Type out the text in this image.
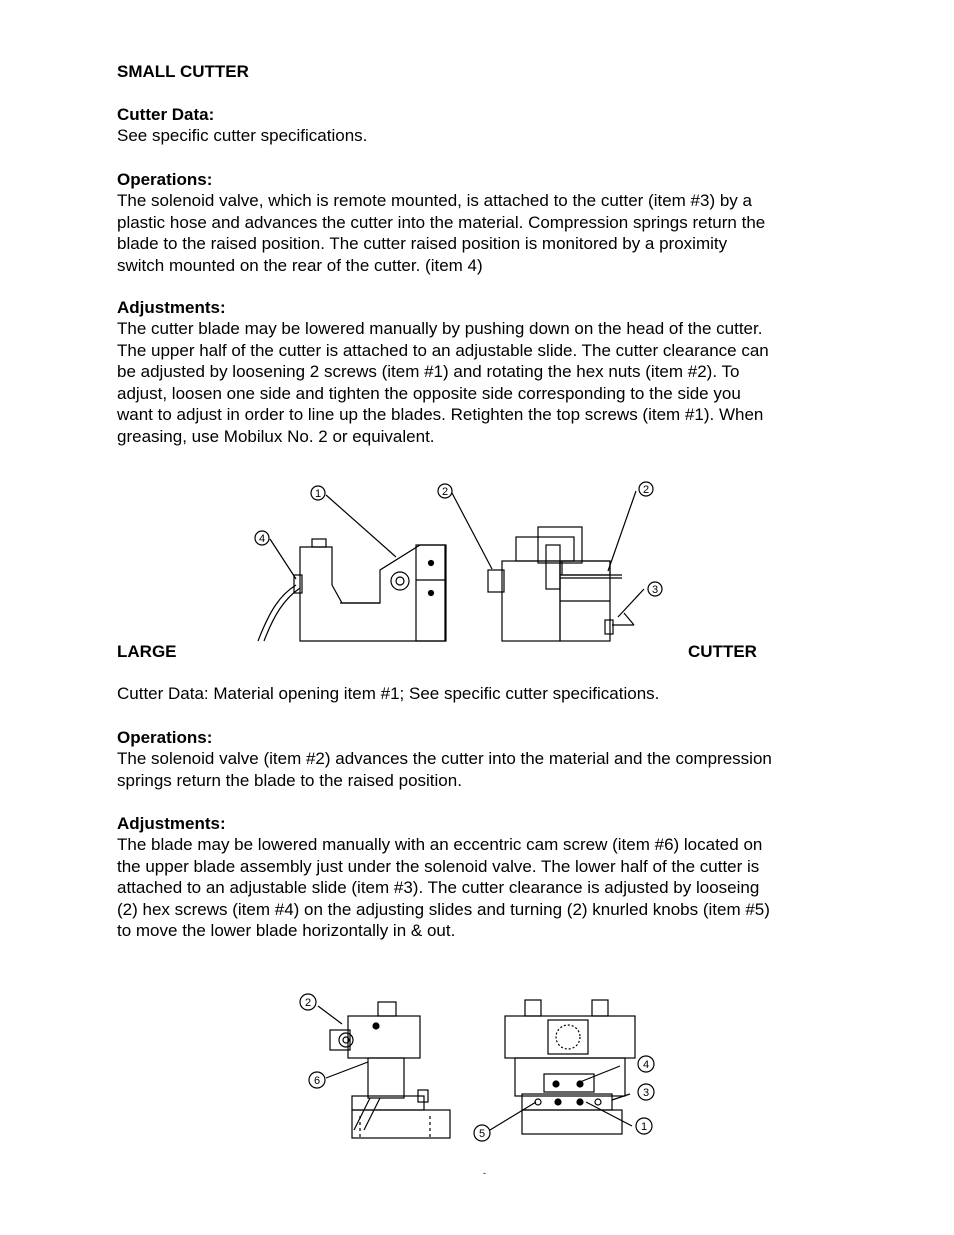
SMALL CUTTER

Cutter Data:

See specific cutter specifications.

Operations:

The solenoid valve, which is remote mounted, is attached to the cutter (item #3) by a

plastic hose and advances the cutter into the material. Compression springs return the

blade to the raised position. The cutter raised position is monitored by a proximity

switch mounted on the rear of the cutter. (item 4)

Adjustments:

The cutter blade may be lowered manually by pushing down on the head of the cutter.

The upper half of the cutter is attached to an adjustable slide. The cutter clearance can

be adjusted by loosening 2 screws (item #1) and rotating the hex nuts (item #2). To

adjust, loosen one side and tighten the opposite side corresponding to the side you

want to adjust in order to line up the blades. Retighten the top screws (item #1). When

greasing, use Mobilux No. 2 or equivalent.

1	2	2
3
4

LARGE	CUTTER

Cutter Data: Material opening item #1; See specific cutter specifications.

Operations:

The solenoid valve (item #2) advances the cutter into the material and the compression

springs return the blade to the raised position.

Adjustments:

The blade may be lowered manually with an eccentric cam screw (item #6) located on

the upper blade assembly just under the solenoid valve. The lower half of the cutter is

attached to an adjustable slide (item #3). The cutter clearance is adjusted by looseing

(2) hex screws (item #4) on the adjusting slides and turning (2) knurled knobs (item #5)

to move the lower blade horizontally in & out.

2
6
4
3
5
1

-
